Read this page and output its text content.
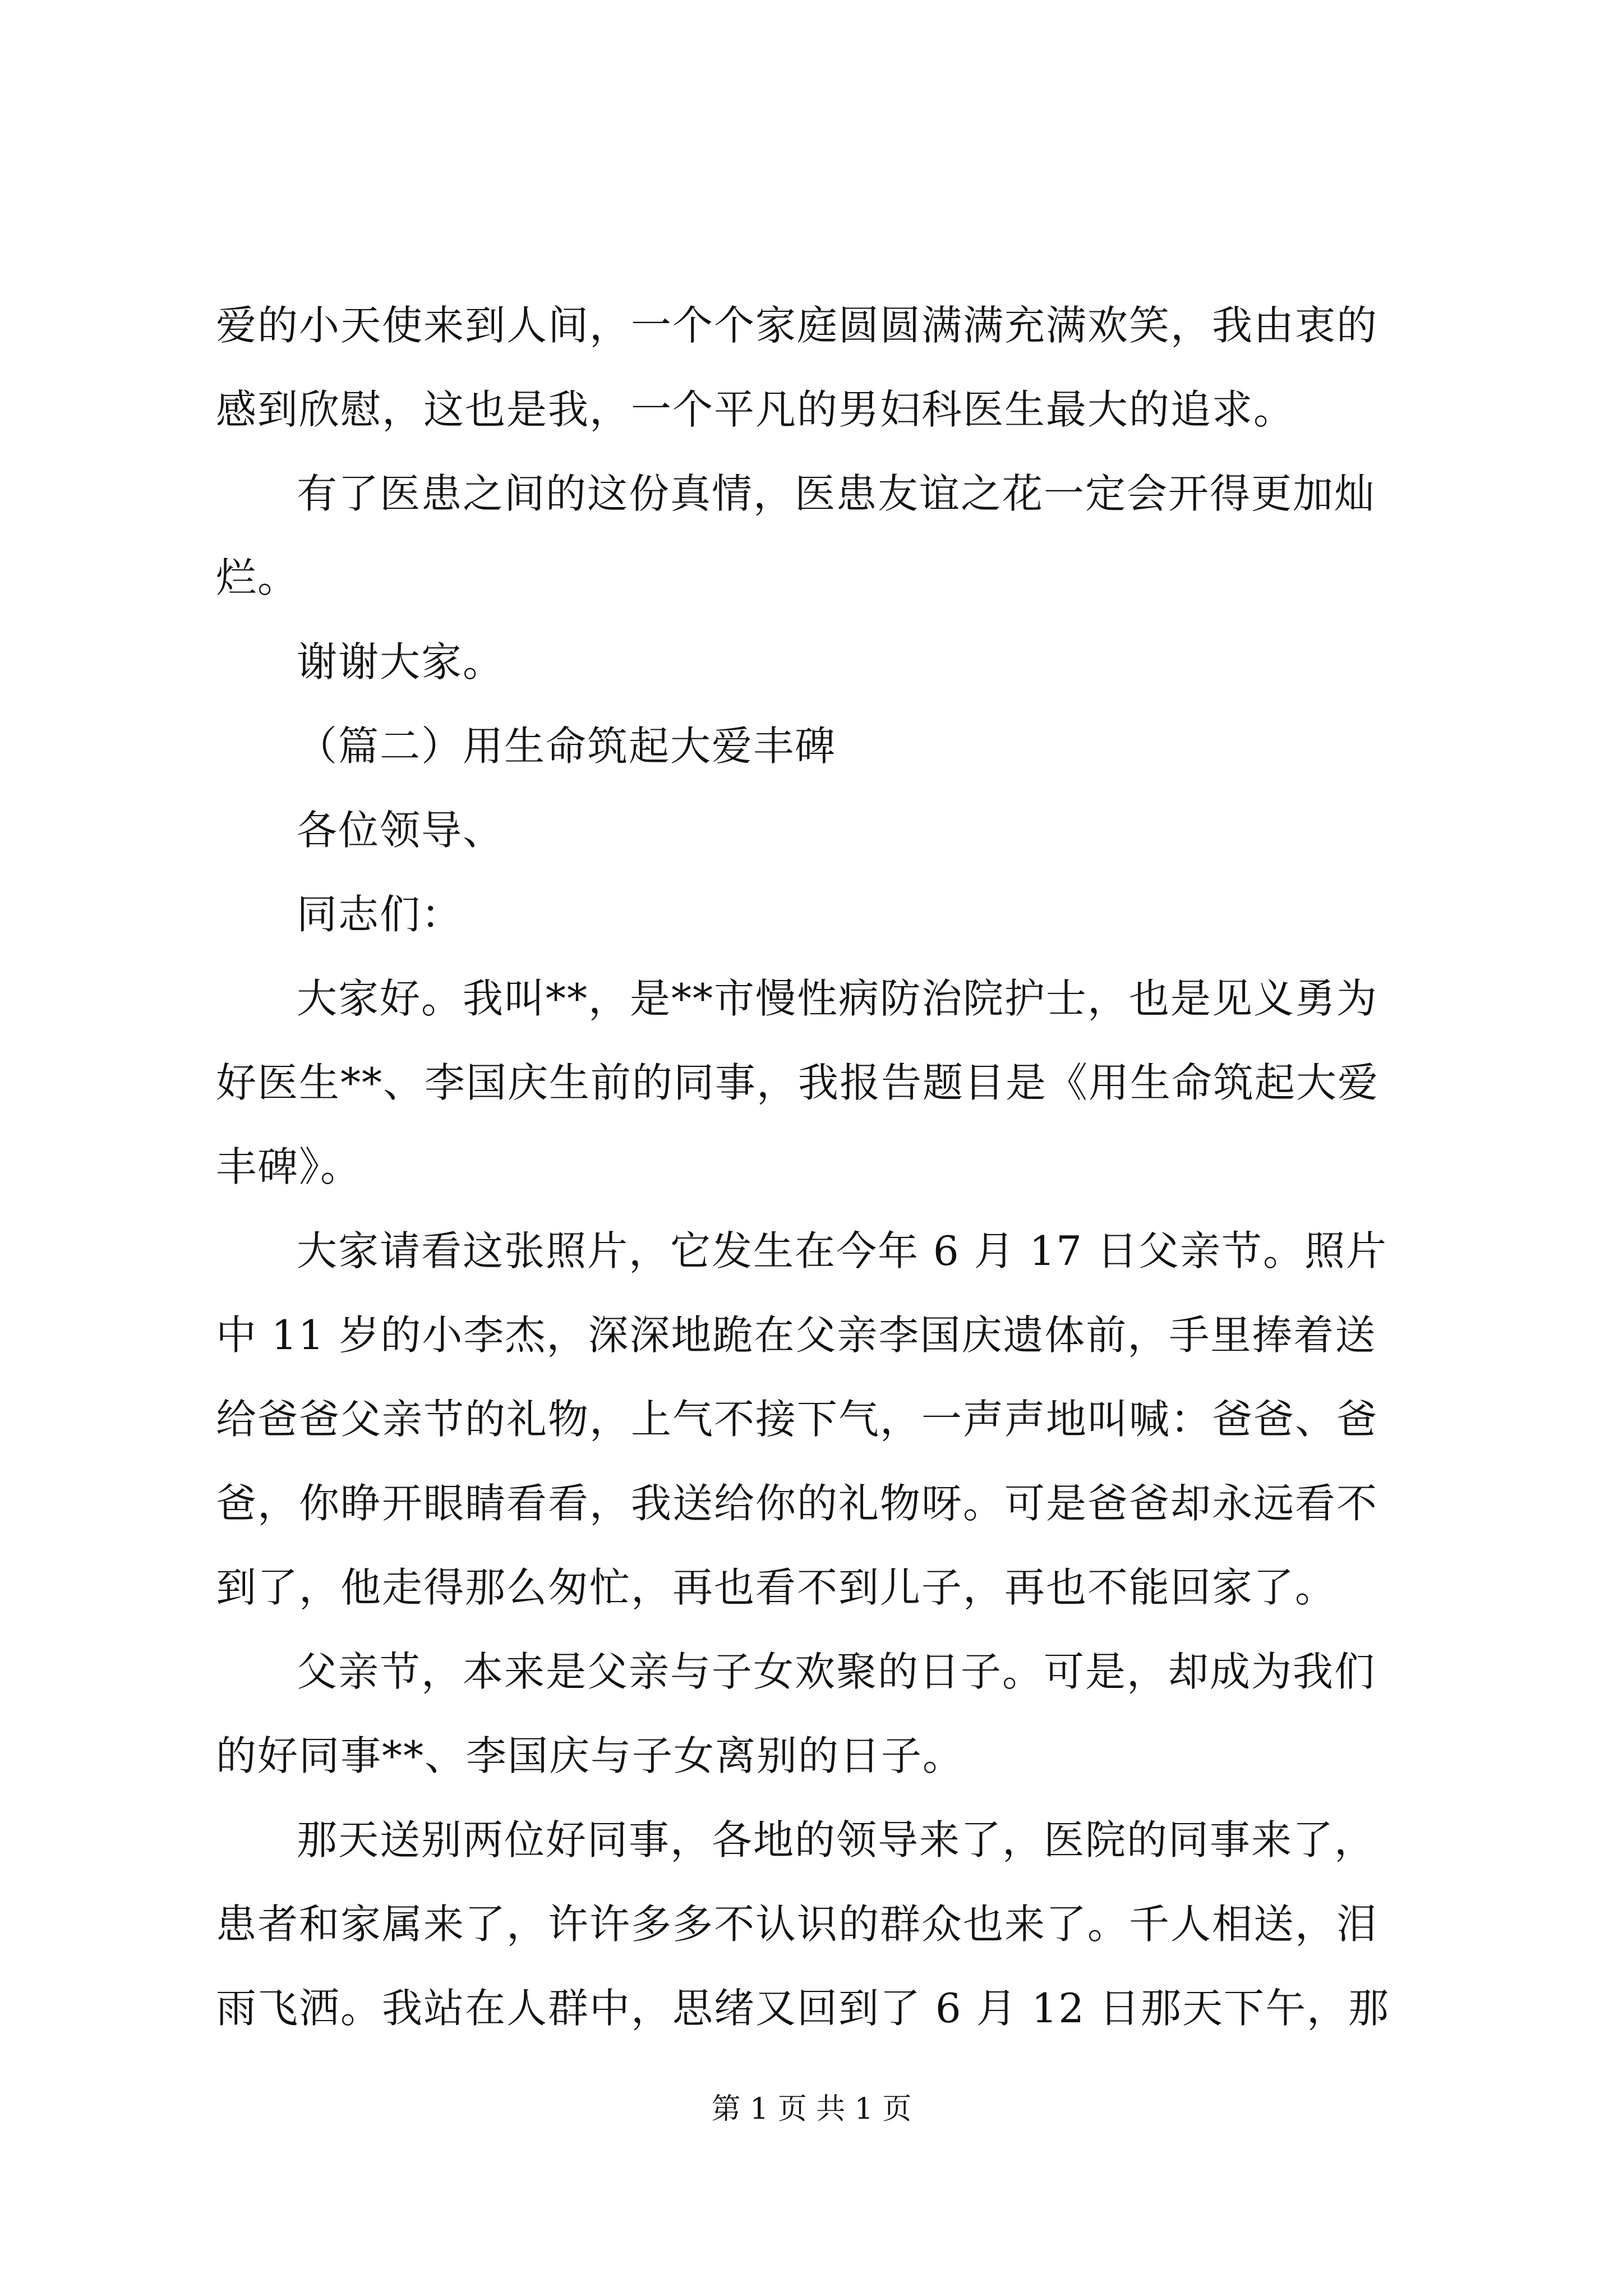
爱的小天使来到人间，一个个家庭圆圆满满充满欢笑，我由衷的
感到欣慰，这也是我，一个平凡的男妇科医生最大的追求。
有了医患之间的这份真情，医患友谊之花一定会开得更加灿
烂。
谢谢大家。
（篇二）用生命筑起大爱丰碑
各位领导、
同志们：
大家好。我叫**，是**市慢性病防治院护士，也是见义勇为
好医生**、李国庆生前的同事，我报告题目是《用生命筑起大爱
丰碑》。
大家请看这张照片，它发生在今年 6 月 17 日父亲节。照片
中 11 岁的小李杰，深深地跪在父亲李国庆遗体前，手里捧着送
给爸爸父亲节的礼物，上气不接下气，一声声地叫喊：爸爸、爸
爸，你睁开眼睛看看，我送给你的礼物呀。可是爸爸却永远看不
到了，他走得那么匆忙，再也看不到儿子，再也不能回家了。
父亲节，本来是父亲与子女欢聚的日子。可是，却成为我们
的好同事**、李国庆与子女离别的日子。
那天送别两位好同事，各地的领导来了，医院的同事来了，
患者和家属来了，许许多多不认识的群众也来了。千人相送，泪
雨飞洒。我站在人群中，思绪又回到了 6 月 12 日那天下午，那
第 1 页 共 1 页
